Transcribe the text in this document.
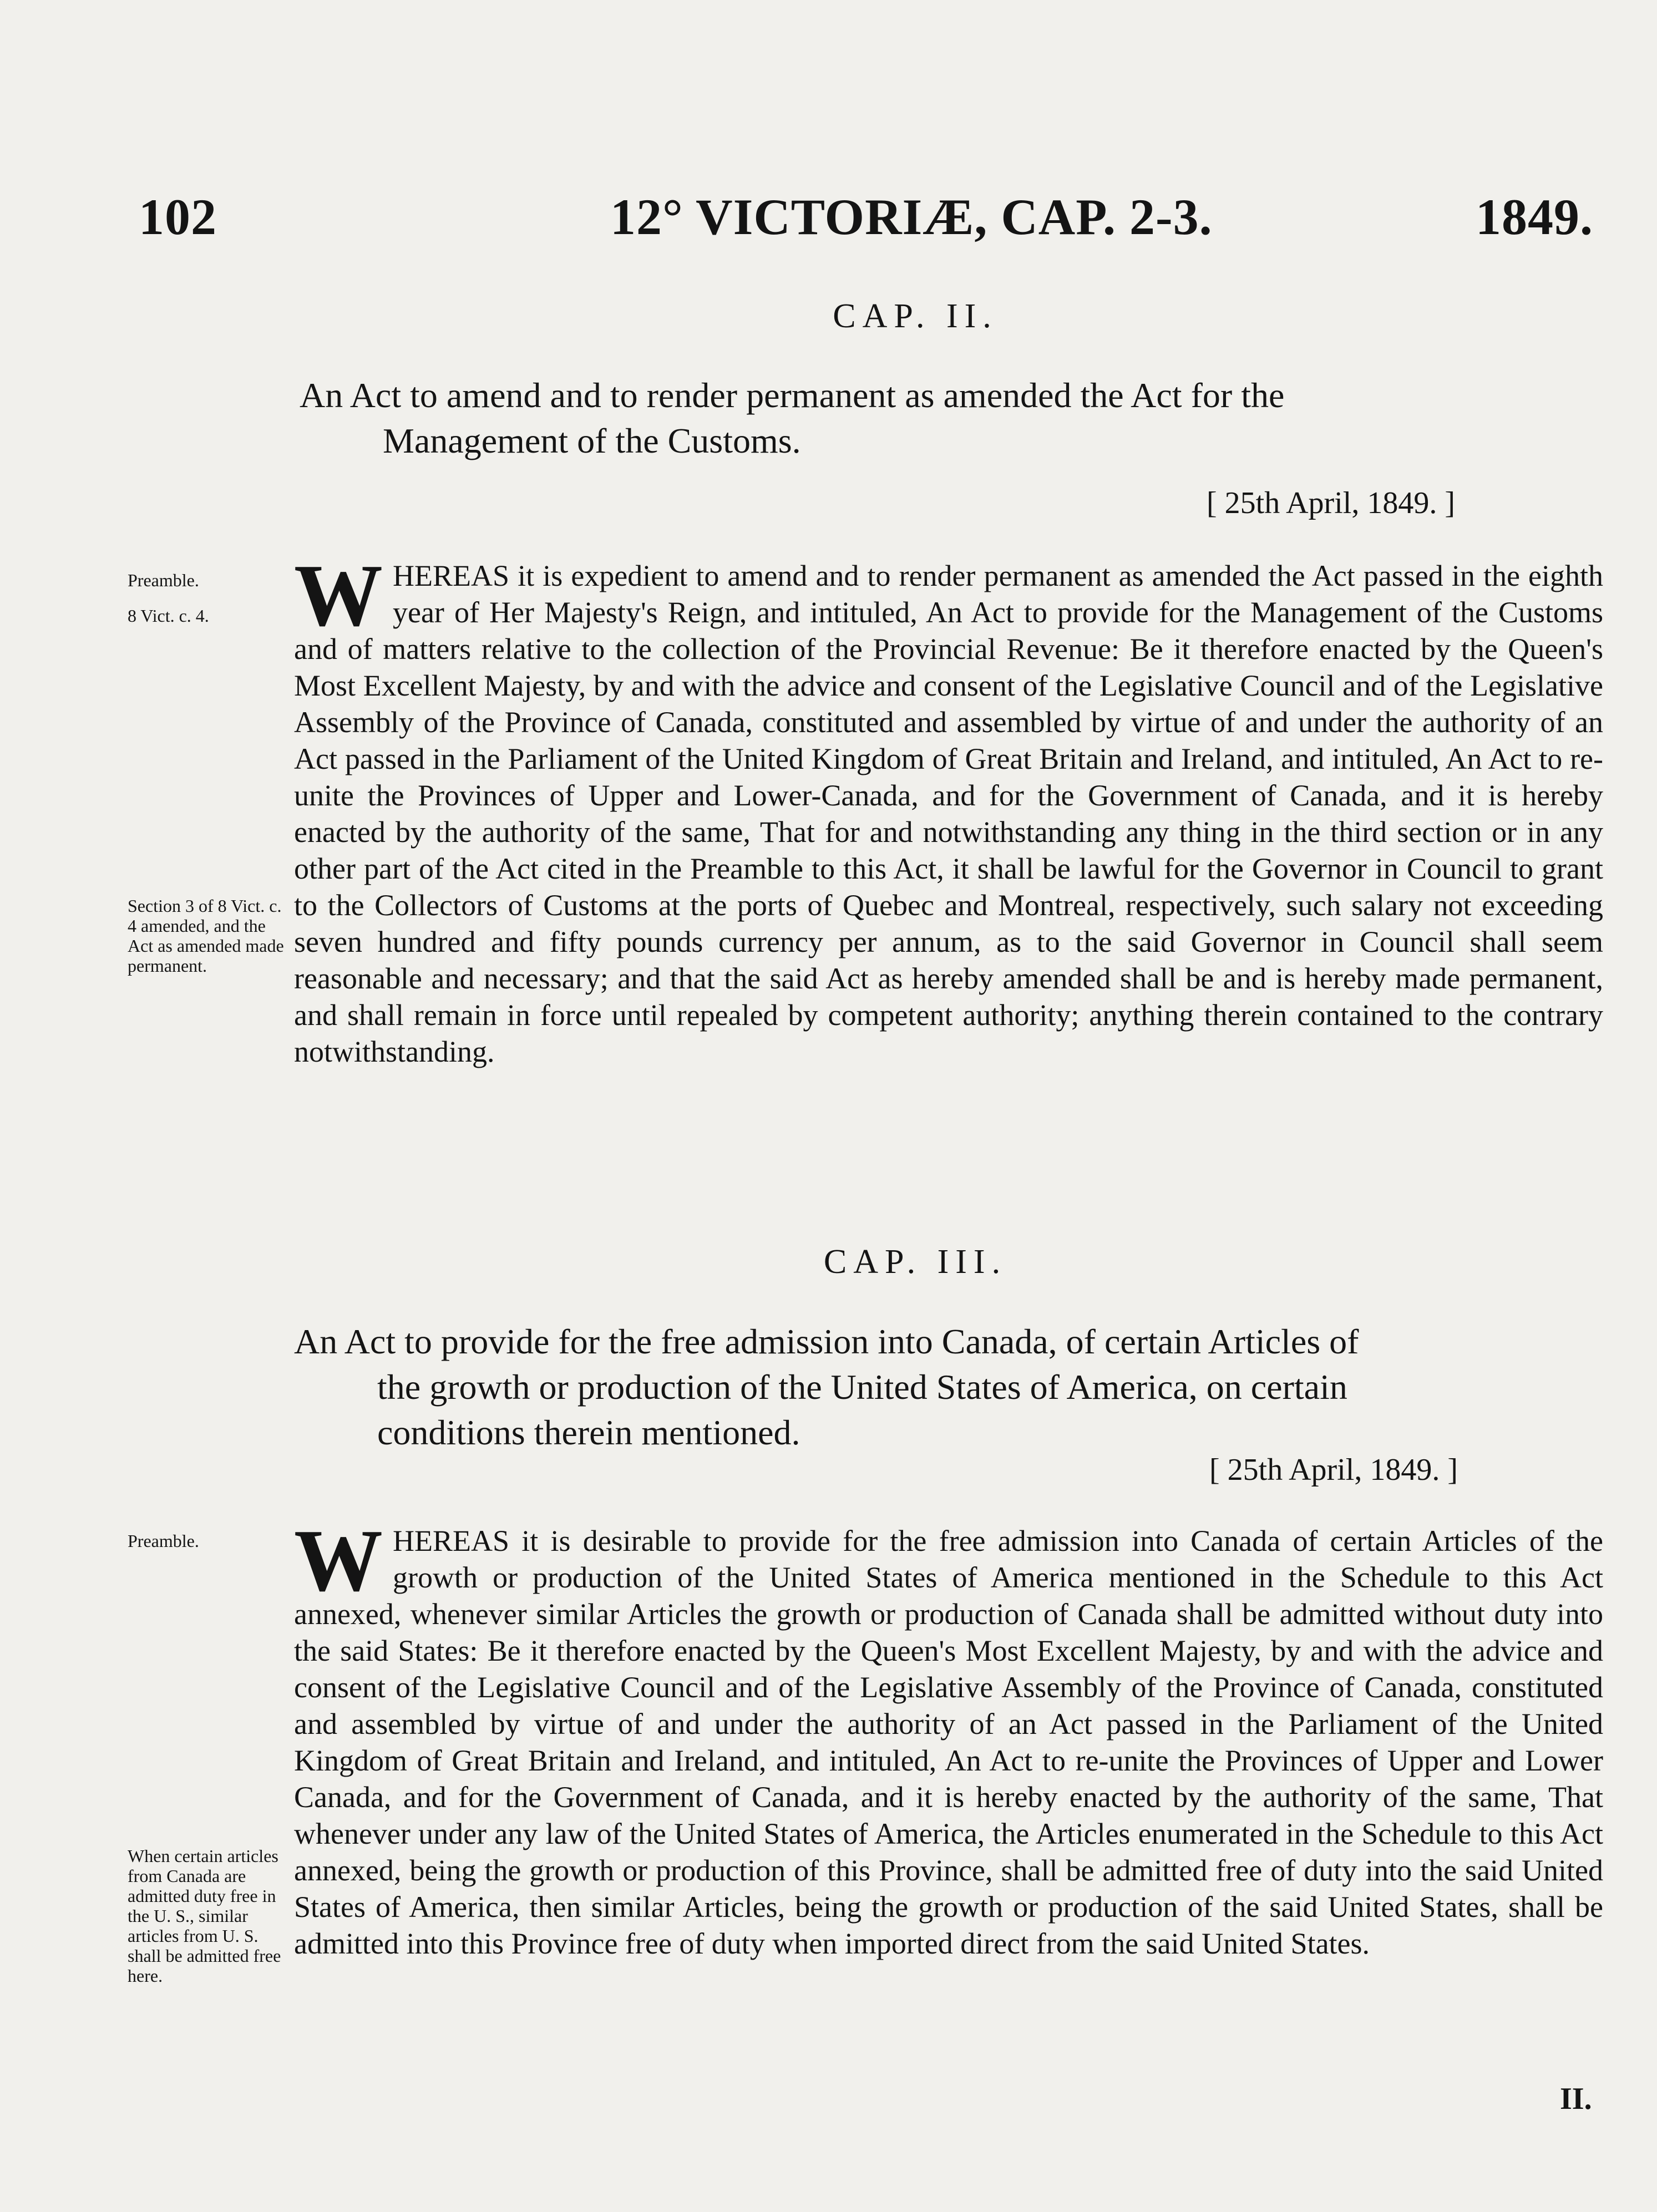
102	12° VICTORIÆ, CAP. 2-3.	1849.
CAP. II.
An Act to amend and to render permanent as amended the Act for the
Management of the Customs.
[ 25th April, 1849. ]
Preamble.
8 Vict. c. 4.
Section 3 of 8 Vict. c. 4 amended, and the Act as amended made permanent.
WHEREAS it is expedient to amend and to render permanent as amended the Act passed in the eighth year of Her Majesty's Reign, and intituled, An Act to provide for the Management of the Customs and of matters relative to the collection of the Provincial Revenue: Be it therefore enacted by the Queen's Most Excellent Majesty, by and with the advice and consent of the Legislative Council and of the Legislative Assembly of the Province of Canada, constituted and assembled by virtue of and under the authority of an Act passed in the Parliament of the United Kingdom of Great Britain and Ireland, and intituled, An Act to re-unite the Provinces of Upper and Lower-Canada, and for the Government of Canada, and it is hereby enacted by the authority of the same, That for and notwithstanding any thing in the third section or in any other part of the Act cited in the Preamble to this Act, it shall be lawful for the Governor in Council to grant to the Collectors of Customs at the ports of Quebec and Montreal, respectively, such salary not exceeding seven hundred and fifty pounds currency per annum, as to the said Governor in Council shall seem reasonable and necessary; and that the said Act as hereby amended shall be and is hereby made permanent, and shall remain in force until repealed by competent authority; anything therein contained to the contrary notwithstanding.
CAP. III.
An Act to provide for the free admission into Canada, of certain Articles of
the growth or production of the United States of America, on certain
conditions therein mentioned.
[ 25th April, 1849. ]
Preamble.
When certain articles from Canada are admitted duty free in the U. S., similar articles from U. S. shall be admitted free here.
WHEREAS it is desirable to provide for the free admission into Canada of certain Articles of the growth or production of the United States of America mentioned in the Schedule to this Act annexed, whenever similar Articles the growth or production of Canada shall be admitted without duty into the said States: Be it therefore enacted by the Queen's Most Excellent Majesty, by and with the advice and consent of the Legislative Council and of the Legislative Assembly of the Province of Canada, constituted and assembled by virtue of and under the authority of an Act passed in the Parliament of the United Kingdom of Great Britain and Ireland, and intituled, An Act to re-unite the Provinces of Upper and Lower Canada, and for the Government of Canada, and it is hereby enacted by the authority of the same, That whenever under any law of the United States of America, the Articles enumerated in the Schedule to this Act annexed, being the growth or production of this Province, shall be admitted free of duty into the said United States of America, then similar Articles, being the growth or production of the said United States, shall be admitted into this Province free of duty when imported direct from the said United States.
II.
